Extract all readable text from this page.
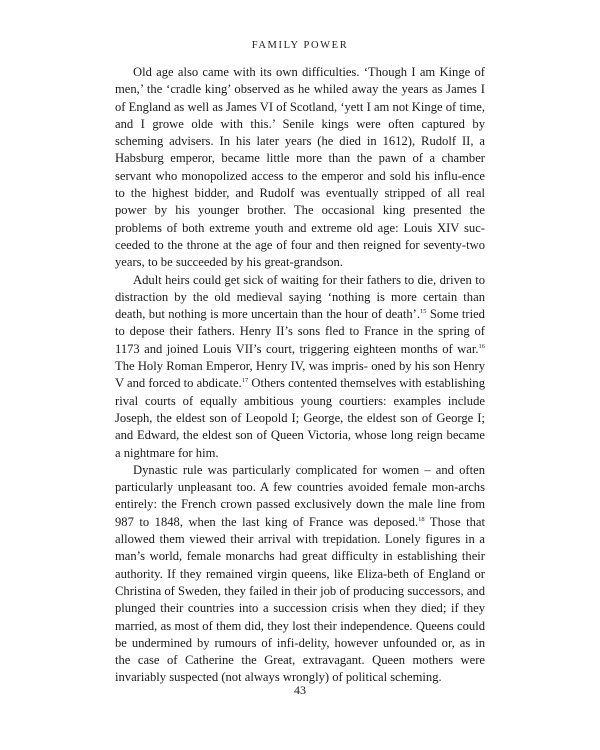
FAMILY POWER

Old age also came with its own difficulties. ‘Though I am Kinge of men,’ the ‘cradle king’ observed as he whiled away the years as James I of England as well as James VI of Scotland, ‘yett I am not Kinge of time, and I growe olde with this.’ Senile kings were often captured by scheming advisers. In his later years (he died in 1612), Rudolf II, a Habsburg emperor, became little more than the pawn of a chamber servant who monopolized access to the emperor and sold his influ-ence to the highest bidder, and Rudolf was eventually stripped of all real power by his younger brother. The occasional king presented the problems of both extreme youth and extreme old age: Louis XIV suc-ceeded to the throne at the age of four and then reigned for seventy-two years, to be succeeded by his great-grandson.

Adult heirs could get sick of waiting for their fathers to die, driven to distraction by the old medieval saying ‘nothing is more certain than death, but nothing is more uncertain than the hour of death’.$^{15}$ Some tried to depose their fathers. Henry II’s sons fled to France in the spring of 1173 and joined Louis VII’s court, triggering eighteen months of war.$^{16}$ The Holy Roman Emperor, Henry IV, was impris- oned by his son Henry V and forced to abdicate.$^{17}$ Others contented themselves with establishing rival courts of equally ambitious young courtiers: examples include Joseph, the eldest son of Leopold I; George, the eldest son of George I; and Edward, the eldest son of Queen Victoria, whose long reign became a nightmare for him.

Dynastic rule was particularly complicated for women – and often particularly unpleasant too. A few countries avoided female mon-archs entirely: the French crown passed exclusively down the male line from 987 to 1848, when the last king of France was deposed.$^{18}$ Those that allowed them viewed their arrival with trepidation. Lonely figures in a man’s world, female monarchs had great difficulty in establishing their authority. If they remained virgin queens, like Eliza-beth of England or Christina of Sweden, they failed in their job of producing successors, and plunged their countries into a succession crisis when they died; if they married, as most of them did, they lost their independence. Queens could be undermined by rumours of infi-delity, however unfounded or, as in the case of Catherine the Great, extravagant. Queen mothers were invariably suspected (not always wrongly) of political scheming.

43
